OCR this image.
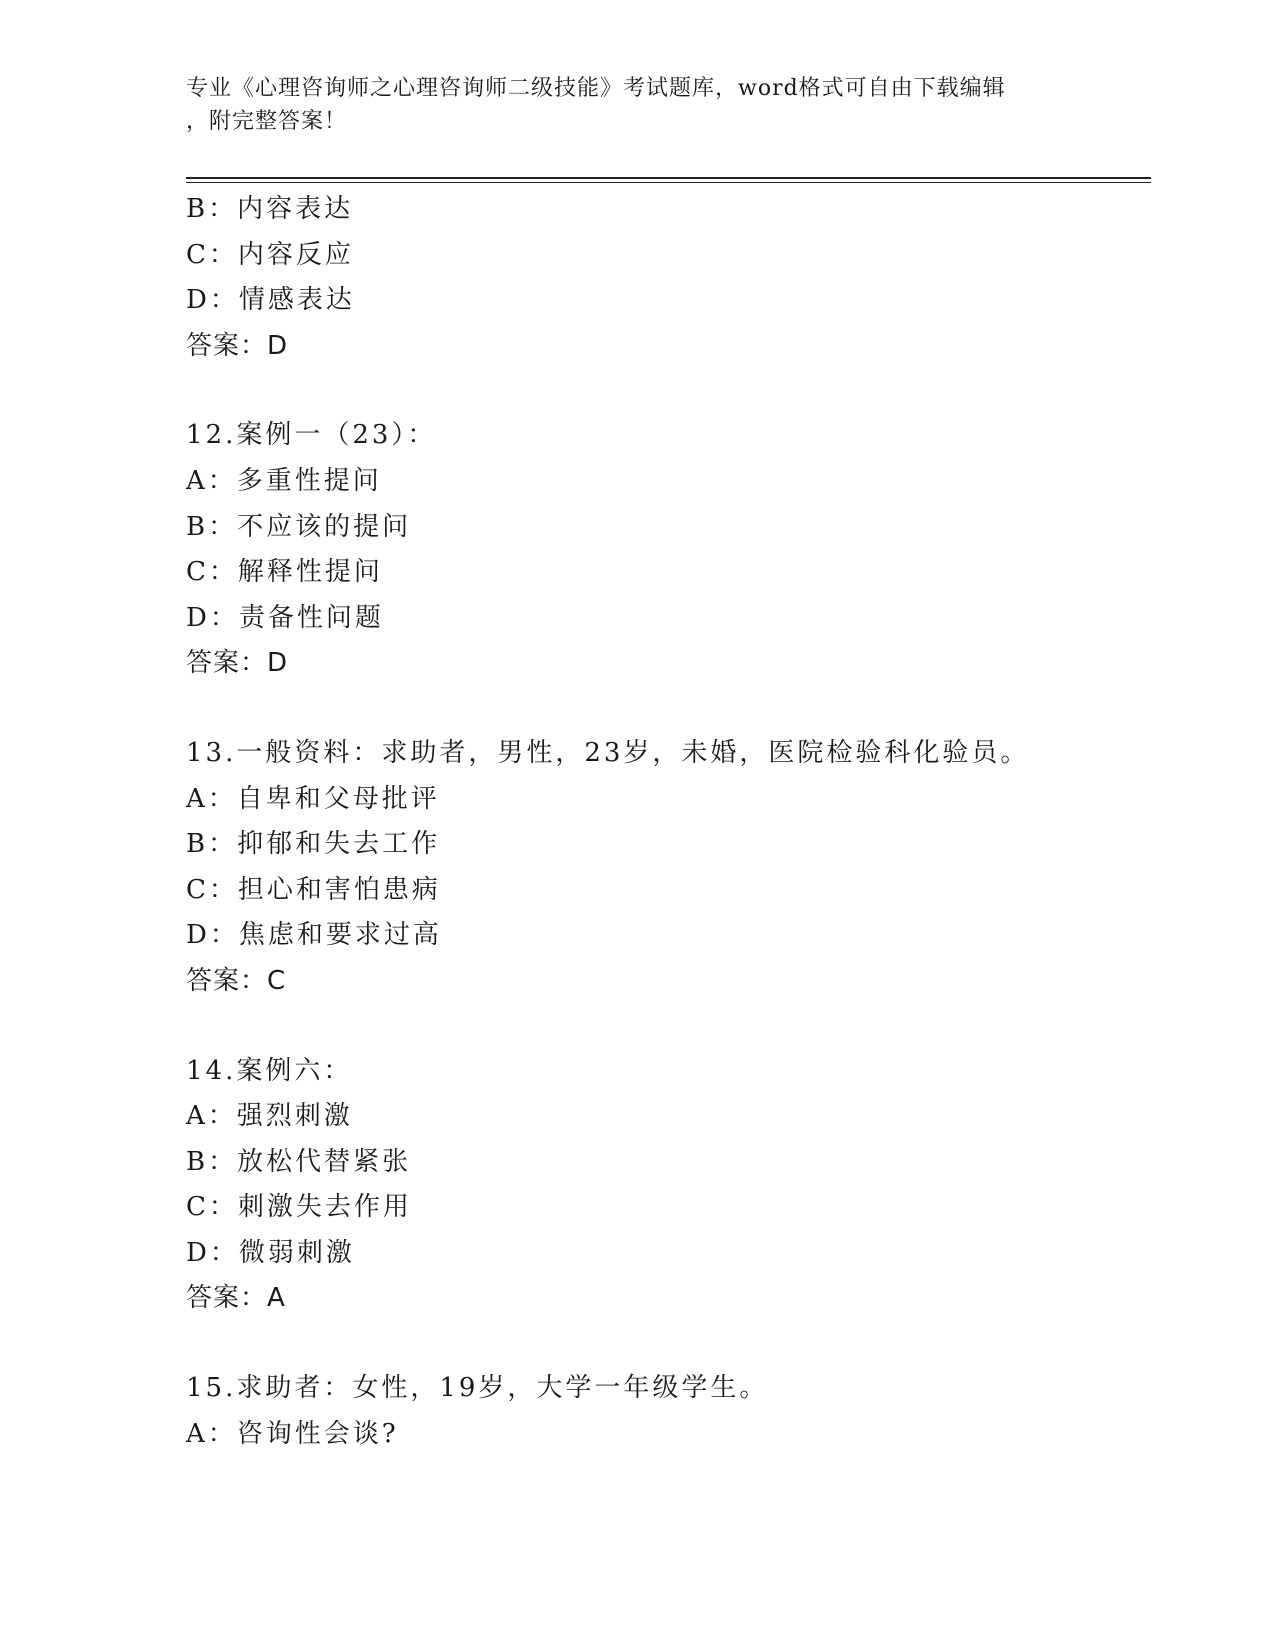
专业《心理咨询师之心理咨询师二级技能》考试题库，word格式可自由下载编辑
，附完整答案！
B：内容表达
C：内容反应
D：情感表达
答案：D
12.案例一（23）：
A：多重性提问
B：不应该的提问
C：解释性提问
D：责备性问题
答案：D
13.一般资料：求助者，男性，23岁，未婚，医院检验科化验员。
A：自卑和父母批评
B：抑郁和失去工作
C：担心和害怕患病
D：焦虑和要求过高
答案：C
14.案例六：
A：强烈刺激
B：放松代替紧张
C：刺激失去作用
D：微弱刺激
答案：A
15.求助者：女性，19岁，大学一年级学生。
A：咨询性会谈?
